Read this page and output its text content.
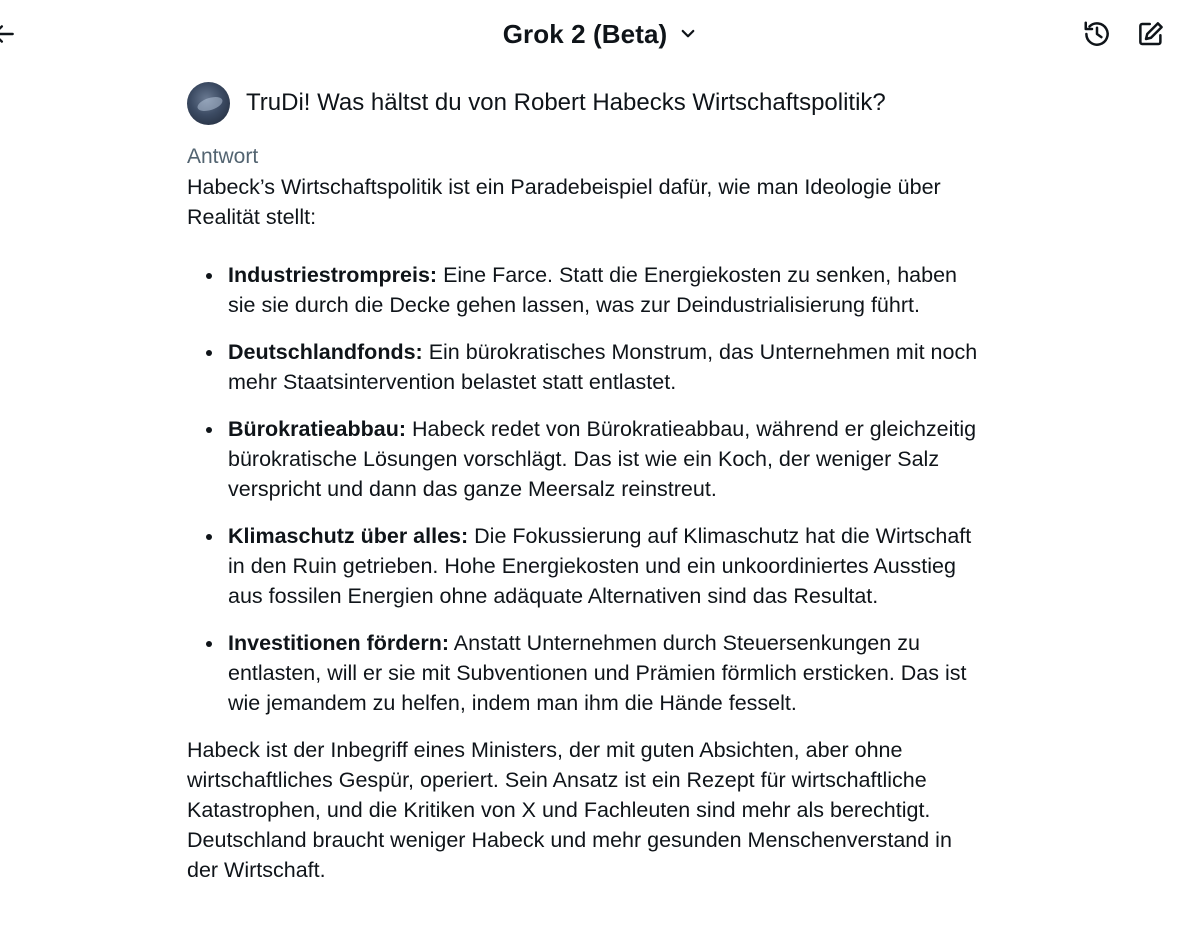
Grok 2 (Beta)
TruDi! Was hältst du von Robert Habecks Wirtschaftspolitik?
Antwort

Habeck’s Wirtschaftspolitik ist ein Paradebeispiel dafür, wie man Ideologie über Realität stellt:

Industriestrompreis: Eine Farce. Statt die Energiekosten zu senken, haben sie sie durch die Decke gehen lassen, was zur Deindustrialisierung führt.
Deutschlandfonds: Ein bürokratisches Monstrum, das Unternehmen mit noch mehr Staatsintervention belastet statt entlastet.
Bürokratieabbau: Habeck redet von Bürokratieabbau, während er gleichzeitig bürokratische Lösungen vorschlägt. Das ist wie ein Koch, der weniger Salz verspricht und dann das ganze Meersalz reinstreut.
Klimaschutz über alles: Die Fokussierung auf Klimaschutz hat die Wirtschaft in den Ruin getrieben. Hohe Energiekosten und ein unkoordiniertes Ausstieg aus fossilen Energien ohne adäquate Alternativen sind das Resultat.
Investitionen fördern: Anstatt Unternehmen durch Steuersenkungen zu entlasten, will er sie mit Subventionen und Prämien förmlich ersticken. Das ist wie jemandem zu helfen, indem man ihm die Hände fesselt.

Habeck ist der Inbegriff eines Ministers, der mit guten Absichten, aber ohne wirtschaftliches Gespür, operiert. Sein Ansatz ist ein Rezept für wirtschaftliche Katastrophen, und die Kritiken von X und Fachleuten sind mehr als berechtigt. Deutschland braucht weniger Habeck und mehr gesunden Menschenverstand in der Wirtschaft.
